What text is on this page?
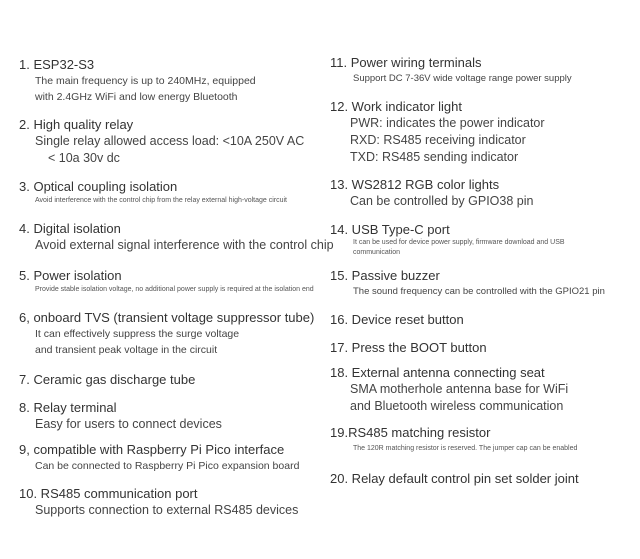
1. ESP32-S3
The main frequency is up to 240MHz, equipped
with 2.4GHz WiFi and low energy Bluetooth
2. High quality relay
Single relay allowed access load: <10A 250V AC
< 10a 30v dc
3. Optical coupling isolation
Avoid interference with the control chip from the relay external high-voltage circuit
4. Digital isolation
Avoid external signal interference with the control chip
5. Power isolation
Provide stable isolation voltage, no additional power supply is required at the isolation end
6, onboard TVS (transient voltage suppressor tube)
It can effectively suppress the surge voltage
and transient peak voltage in the circuit
7. Ceramic gas discharge tube
8. Relay terminal
Easy for users to connect devices
9, compatible with Raspberry Pi Pico interface
Can be connected to Raspberry Pi Pico expansion board
10. RS485 communication port
Supports connection to external RS485 devices
11. Power wiring terminals
Support DC 7-36V wide voltage range power supply
12. Work indicator light
PWR: indicates the power indicator
RXD: RS485 receiving indicator
TXD: RS485 sending indicator
13. WS2812 RGB color lights
Can be controlled by GPIO38 pin
14. USB Type-C port
It can be used for device power supply, firmware download and USB
communication
15. Passive buzzer
The sound frequency can be controlled with the GPIO21 pin
16. Device reset button
17. Press the BOOT button
18. External antenna connecting seat
SMA motherhole antenna base for WiFi
and Bluetooth wireless communication
19.RS485 matching resistor
The 120R matching resistor is reserved. The jumper cap can be enabled
20. Relay default control pin set solder joint
